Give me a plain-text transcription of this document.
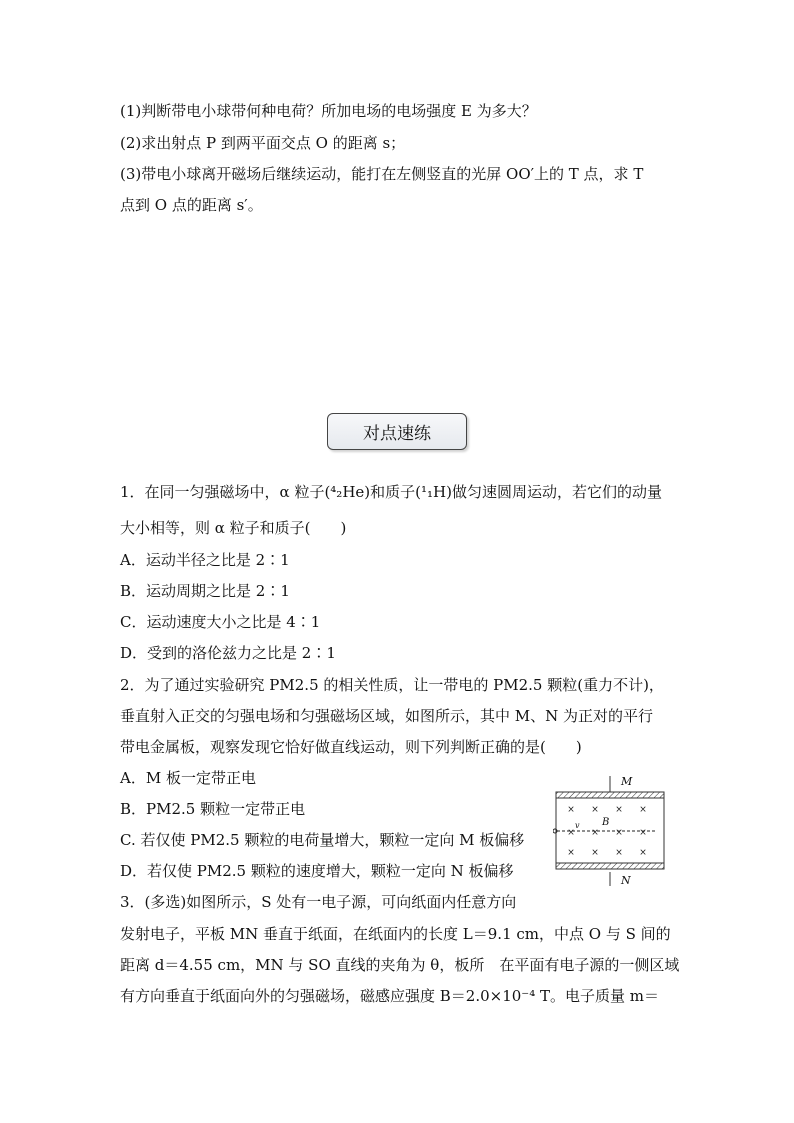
(1)判断带电小球带何种电荷？所加电场的电场强度 E 为多大？
(2)求出射点 P 到两平面交点 O 的距离 s；
(3)带电小球离开磁场后继续运动，能打在左侧竖直的光屏 OO′上的 T 点，求 T
点到 O 点的距离 s′。
对点速练
1．在同一匀强磁场中，α 粒子(⁴₂He)和质子(¹₁H)做匀速圆周运动，若它们的动量
大小相等，则 α 粒子和质子(　　)
A．运动半径之比是 2∶1
B．运动周期之比是 2∶1
C．运动速度大小之比是 4∶1
D．受到的洛伦兹力之比是 2∶1
2．为了通过实验研究 PM2.5 的相关性质，让一带电的 PM2.5 颗粒(重力不计)，
垂直射入正交的匀强电场和匀强磁场区域，如图所示，其中 M、N 为正对的平行
带电金属板，观察发现它恰好做直线运动，则下列判断正确的是(　　)
A．M 板一定带正电
B．PM2.5 颗粒一定带正电
C. 若仅使 PM2.5 颗粒的电荷量增大，颗粒一定向 M 板偏移
D．若仅使 PM2.5 颗粒的速度增大，颗粒一定向 N 板偏移
× × × ×
× × × ×
× × × ×
M
N
B
v
3．(多选)如图所示，S 处有一电子源，可向纸面内任意方向
发射电子，平板 MN 垂直于纸面，在纸面内的长度 L＝9.1 cm，中点 O 与 S 间的
距离 d＝4.55 cm，MN 与 SO 直线的夹角为 θ，板所　在平面有电子源的一侧区域
有方向垂直于纸面向外的匀强磁场，磁感应强度 B＝2.0×10⁻⁴ T。电子质量 m＝
